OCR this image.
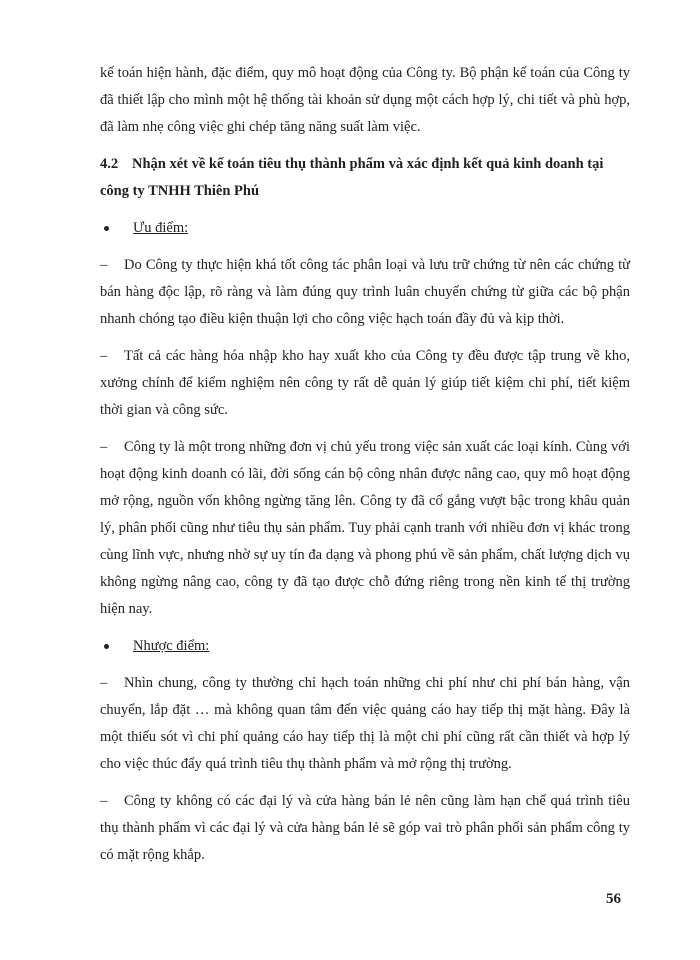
kế toán hiện hành, đặc điểm, quy mô hoạt động của Công ty. Bộ phận kế toán của Công ty đã thiết lập cho mình một hệ thống tài khoản sử dụng một cách hợp lý, chi tiết và phù hợp, đã làm nhẹ công việc ghi chép tăng năng suất làm việc.

4.2 Nhận xét về kế toán tiêu thụ thành phẩm và xác định kết quả kinh doanh tại công ty TNHH Thiên Phú
Ưu điểm:

– Do Công ty thực hiện khá tốt công tác phân loại và lưu trữ chứng từ nên các chứng từ bán hàng độc lập, rõ ràng và làm đúng quy trình luân chuyển chứng từ giữa các bộ phận nhanh chóng tạo điều kiện thuận lợi cho công việc hạch toán đầy đủ và kịp thời.

– Tất cả các hàng hóa nhập kho hay xuất kho của Công ty đều được tập trung về kho, xưởng chính để kiểm nghiệm nên công ty rất dễ quản lý giúp tiết kiệm chi phí, tiết kiệm thời gian và công sức.

– Công ty là một trong những đơn vị chủ yếu trong việc sản xuất các loại kính. Cùng với hoạt động kinh doanh có lãi, đời sống cán bộ công nhân được nâng cao, quy mô hoạt động mở rộng, nguồn vốn không ngừng tăng lên. Công ty đã cố gắng vượt bậc trong khâu quản lý, phân phối cũng như tiêu thụ sản phẩm. Tuy phải cạnh tranh với nhiều đơn vị khác trong cùng lĩnh vực, nhưng nhờ sự uy tín đa dạng và phong phú về sản phẩm, chất lượng dịch vụ không ngừng nâng cao, công ty đã tạo được chỗ đứng riêng trong nền kinh tế thị trường hiện nay.

Nhược điểm:

– Nhìn chung, công ty thường chỉ hạch toán những chi phí như chi phí bán hàng, vận chuyển, lắp đặt … mà không quan tâm đến việc quảng cáo hay tiếp thị mặt hàng. Đây là một thiếu sót vì chi phí quảng cáo hay tiếp thị là một chi phí cũng rất cần thiết và hợp lý cho việc thúc đẩy quá trình tiêu thụ thành phẩm và mở rộng thị trường.

– Công ty không có các đại lý và cửa hàng bán lẻ nên cũng làm hạn chế quá trình tiêu thụ thành phẩm vì các đại lý và cửa hàng bán lẻ sẽ góp vai trò phân phối sản phẩm công ty có mặt rộng khắp.

56
